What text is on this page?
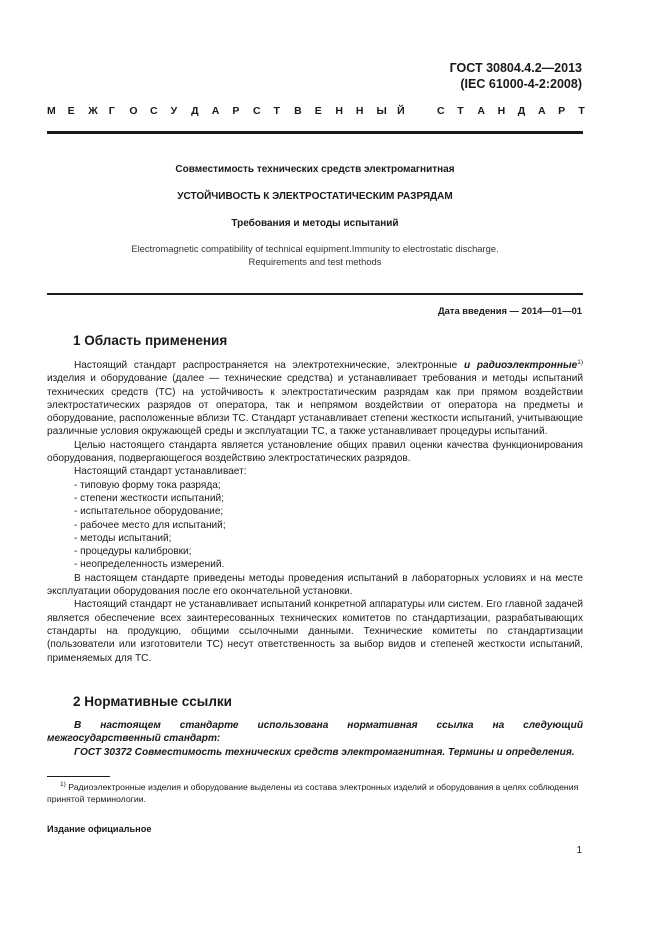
ГОСТ 30804.4.2—2013
(IEC 61000-4-2:2008)
М Е Ж Г О С У Д А Р С Т В Е Н Н Ы Й	С Т А Н Д А Р Т
Совместимость технических средств электромагнитная
УСТОЙЧИВОСТЬ К ЭЛЕКТРОСТАТИЧЕСКИМ РАЗРЯДАМ
Требования и методы испытаний
Electromagnetic compatibility of technical equipment.Immunity to electrostatic discharge.
Requirements and test methods
Дата введения — 2014—01—01
1 Область применения

Настоящий стандарт распространяется на электротехнические, электронные и радиоэлектронные$^{1)}$ изделия и оборудование (далее — технические средства) и устанавливает требования и методы испытаний технических средств (ТС) на устойчивость к электростатическим разрядам как при прямом воздействии электростатических разрядов от оператора, так и непрямом воздействии от оператора на предметы и оборудование, расположенные вблизи ТС. Стандарт устанавливает степени жесткости испытаний, учитывающие различные условия окружающей среды и эксплуатации ТС, а также устанавливает процедуры испытаний.

Целью настоящего стандарта является установление общих правил оценки качества функционирования оборудования, подвергающегося воздействию электростатических разрядов.

Настоящий стандарт устанавливает:

- типовую форму тока разряда;

- степени жесткости испытаний;

- испытательное оборудование;

- рабочее место для испытаний;

- методы испытаний;

- процедуры калибровки;

- неопределенность измерений.

В настоящем стандарте приведены методы проведения испытаний в лабораторных условиях и на месте эксплуатации оборудования после его окончательной установки.

Настоящий стандарт не устанавливает испытаний конкретной аппаратуры или систем. Его главной задачей является обеспечение всех заинтересованных технических комитетов по стандартизации, разрабатывающих стандарты на продукцию, общими ссылочными данными. Технические комитеты по стандартизации (пользователи или изготовители ТС) несут ответственность за выбор видов и степеней жесткости испытаний, применяемых для ТС.

2 Нормативные ссылки

В настоящем стандарте использована нормативная ссылка на следующий межгосударственный стандарт:

ГОСТ 30372 Совместимость технических средств электромагнитная. Термины и определения.

$^{1)}$ Радиоэлектронные изделия и оборудование выделены из состава электронных изделий и оборудования в целях соблюдения принятой терминологии.

Издание официальное
1
